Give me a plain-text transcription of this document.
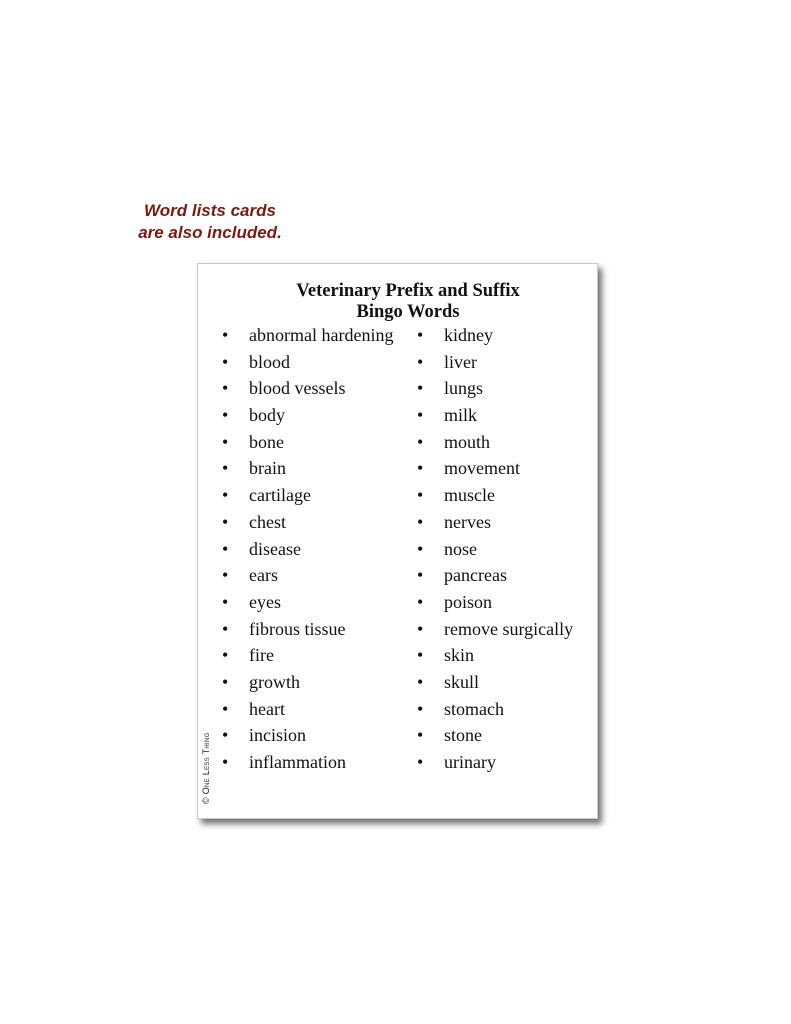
Word lists cards
are also included.
Veterinary Prefix and Suffix
Bingo Words
• abnormal hardening
• blood
• blood vessels
• body
• bone
• brain
• cartilage
• chest
• disease
• ears
• eyes
• fibrous tissue
• fire
• growth
• heart
• incision
• inflammation
• kidney
• liver
• lungs
• milk
• mouth
• movement
• muscle
• nerves
• nose
• pancreas
• poison
• remove surgically
• skin
• skull
• stomach
• stone
• urinary
© One Less Thing
